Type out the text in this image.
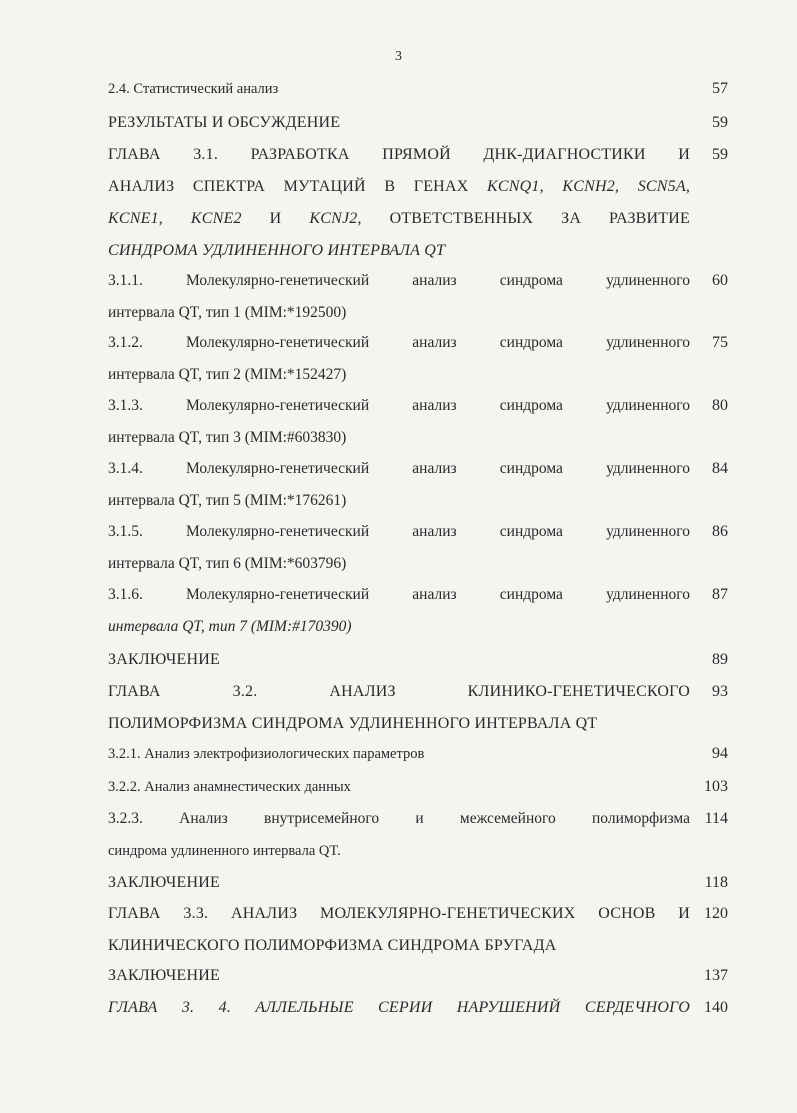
3
2.4. Статистический анализ	57
РЕЗУЛЬТАТЫ И ОБСУЖДЕНИЕ	59
ГЛАВА 3.1. РАЗРАБОТКА ПРЯМОЙ ДНК-ДИАГНОСТИКИ И	59
АНАЛИЗ СПЕКТРА МУТАЦИЙ В ГЕНАХ KCNQ1, KCNH2, SCN5A,
KCNE1, KCNE2 И KCNJ2, ОТВЕТСТВЕННЫХ ЗА РАЗВИТИЕ
СИНДРОМА УДЛИНЕННОГО ИНТЕРВАЛА QT
3.1.1. Молекулярно-генетический анализ синдрома удлиненного	60
интервала QT, тип 1 (MIM:*192500)
3.1.2. Молекулярно-генетический анализ синдрома удлиненного	75
интервала QT, тип 2 (MIM:*152427)
3.1.3. Молекулярно-генетический анализ синдрома удлиненного	80
интервала QT, тип 3 (MIM:#603830)
3.1.4. Молекулярно-генетический анализ синдрома удлиненного	84
интервала QT, тип 5 (MIM:*176261)
3.1.5. Молекулярно-генетический анализ синдрома удлиненного	86
интервала QT, тип 6 (MIM:*603796)
3.1.6. Молекулярно-генетический анализ синдрома удлиненного	87
интервала QT, тип 7 (MIM:#170390)
ЗАКЛЮЧЕНИЕ	89
ГЛАВА 3.2. АНАЛИЗ КЛИНИКО-ГЕНЕТИЧЕСКОГО	93
ПОЛИМОРФИЗМА СИНДРОМА УДЛИНЕННОГО ИНТЕРВАЛА QT
3.2.1. Анализ электрофизиологических параметров	94
3.2.2. Анализ анамнестических данных	103
3.2.3. Анализ внутрисемейного и межсемейного полиморфизма 114
синдрома удлиненного интервала QT.
ЗАКЛЮЧЕНИЕ	118
ГЛАВА 3.3. АНАЛИЗ МОЛЕКУЛЯРНО-ГЕНЕТИЧЕСКИХ ОСНОВ И 120
КЛИНИЧЕСКОГО ПОЛИМОРФИЗМА СИНДРОМА БРУГАДА
ЗАКЛЮЧЕНИЕ	137
ГЛАВА 3. 4. АЛЛЕЛЬНЫЕ СЕРИИ НАРУШЕНИЙ СЕРДЕЧНОГО 140
